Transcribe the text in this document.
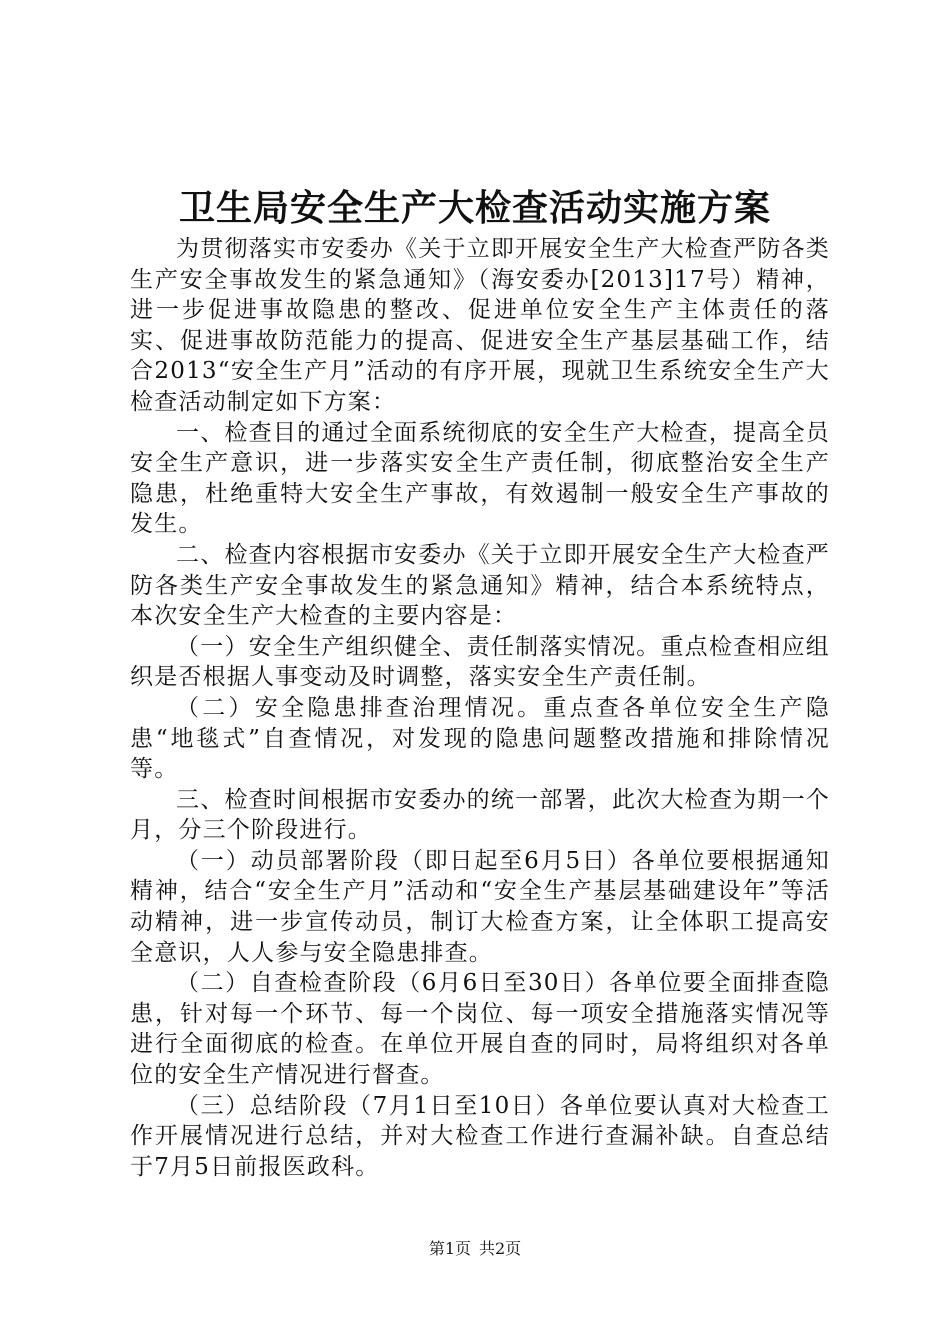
卫生局安全生产大检查活动实施方案

为贯彻落实市安委办《关于立即开展安全生产大检查严防各类生产安全事故发生的紧急通知》（海安委办[2013]17号）精神，进一步促进事故隐患的整改、促进单位安全生产主体责任的落实、促进事故防范能力的提高、促进安全生产基层基础工作，结合2013“安全生产月”活动的有序开展，现就卫生系统安全生产大检查活动制定如下方案：

一、检查目的通过全面系统彻底的安全生产大检查，提高全员安全生产意识，进一步落实安全生产责任制，彻底整治安全生产隐患，杜绝重特大安全生产事故，有效遏制一般安全生产事故的发生。

二、检查内容根据市安委办《关于立即开展安全生产大检查严防各类生产安全事故发生的紧急通知》精神，结合本系统特点，本次安全生产大检查的主要内容是：

（一）安全生产组织健全、责任制落实情况。重点检查相应组织是否根据人事变动及时调整，落实安全生产责任制。

（二）安全隐患排查治理情况。重点查各单位安全生产隐患“地毯式”自查情况，对发现的隐患问题整改措施和排除情况等。

三、检查时间根据市安委办的统一部署，此次大检查为期一个月，分三个阶段进行。

（一）动员部署阶段（即日起至6月5日）各单位要根据通知精神，结合“安全生产月”活动和“安全生产基层基础建设年”等活动精神，进一步宣传动员，制订大检查方案，让全体职工提高安全意识，人人参与安全隐患排查。

（二）自查检查阶段（6月6日至30日）各单位要全面排查隐患，针对每一个环节、每一个岗位、每一项安全措施落实情况等进行全面彻底的检查。在单位开展自查的同时，局将组织对各单位的安全生产情况进行督查。

（三）总结阶段（7月1日至10日）各单位要认真对大检查工作开展情况进行总结，并对大检查工作进行查漏补缺。自查总结于7月5日前报医政科。

第1页 共2页
